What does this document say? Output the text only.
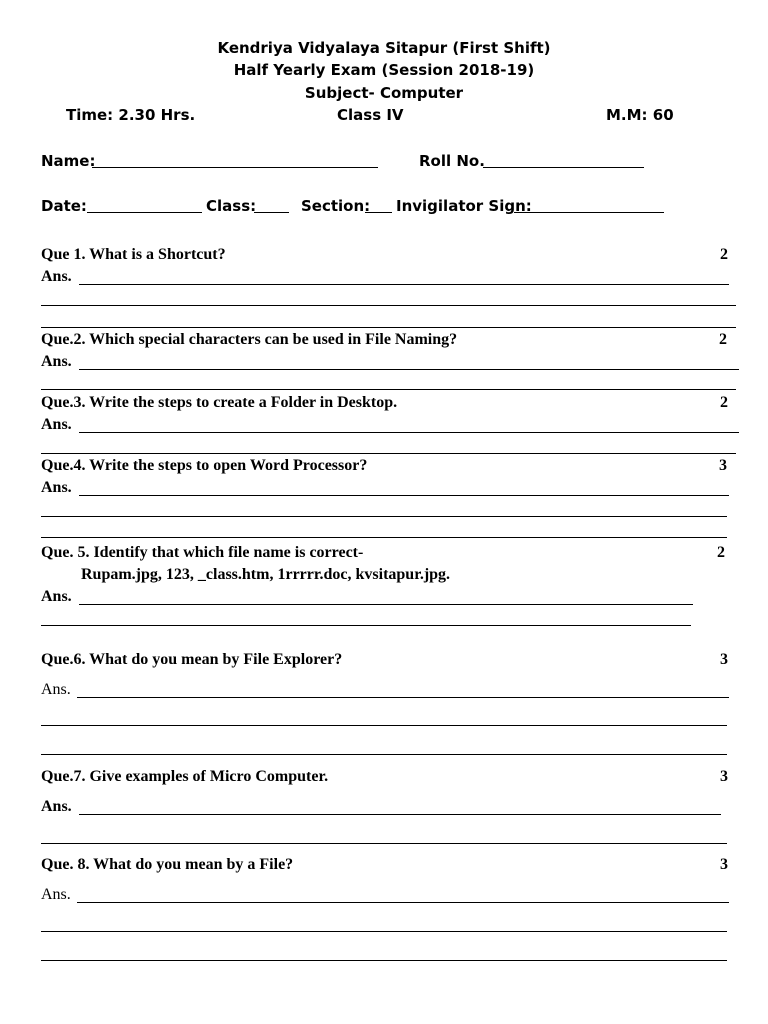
Kendriya Vidyalaya Sitapur (First Shift)
Half Yearly Exam (Session 2018-19)
Subject- Computer
Time: 2.30 Hrs.	Class IV	M.M: 60
Name:	Roll No.
Date:	Class:	Section: Invigilator Sign:
Que 1. What is a Shortcut?	2
Ans.
Que.2. Which special characters can be used in File Naming?	2
Ans.
Que.3. Write the steps to create a Folder in Desktop.	2
Ans.
Que.4. Write the steps to open Word Processor?	3
Ans.
Que. 5. Identify that which file name is correct-	2
Rupam.jpg, 123, _class.htm, 1rrrrr.doc, kvsitapur.jpg.
Ans.
Que.6. What do you mean by File Explorer?	3
Ans.
Que.7. Give examples of Micro Computer.	3
Ans.
Que. 8. What do you mean by a File?	3
Ans.
